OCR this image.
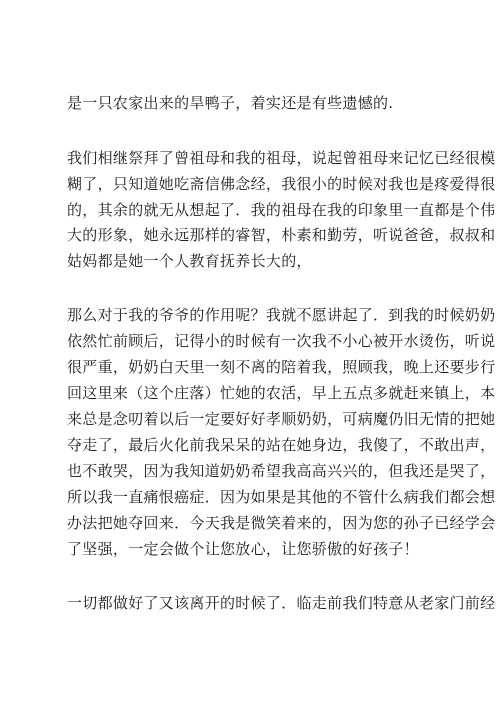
是一只农家出来的旱鸭子，着实还是有些遗憾的.
我们相继祭拜了曾祖母和我的祖母，说起曾祖母来记忆已经很模
糊了，只知道她吃斋信佛念经，我很小的时候对我也是疼爱得很
的，其余的就无从想起了．我的祖母在我的印象里一直都是个伟
大的形象，她永远那样的睿智，朴素和勤劳，听说爸爸，叔叔和
姑妈都是她一个人教育抚养长大的，
那么对于我的爷爷的作用呢？我就不愿讲起了．到我的时候奶奶
依然忙前顾后，记得小的时候有一次我不小心被开水烫伤，听说
很严重，奶奶白天里一刻不离的陪着我，照顾我，晚上还要步行
回这里来（这个庄落）忙她的农活，早上五点多就赶来镇上，本
来总是念叨着以后一定要好好孝顺奶奶，可病魔仍旧无情的把她
夺走了，最后火化前我呆呆的站在她身边，我傻了，不敢出声，
也不敢哭，因为我知道奶奶希望我高高兴兴的，但我还是哭了，
所以我一直痛恨癌症．因为如果是其他的不管什么病我们都会想
办法把她夺回来．今天我是微笑着来的，因为您的孙子已经学会
了坚强，一定会做个让您放心，让您骄傲的好孩子！
一切都做好了又该离开的时候了．临走前我们特意从老家门前经
